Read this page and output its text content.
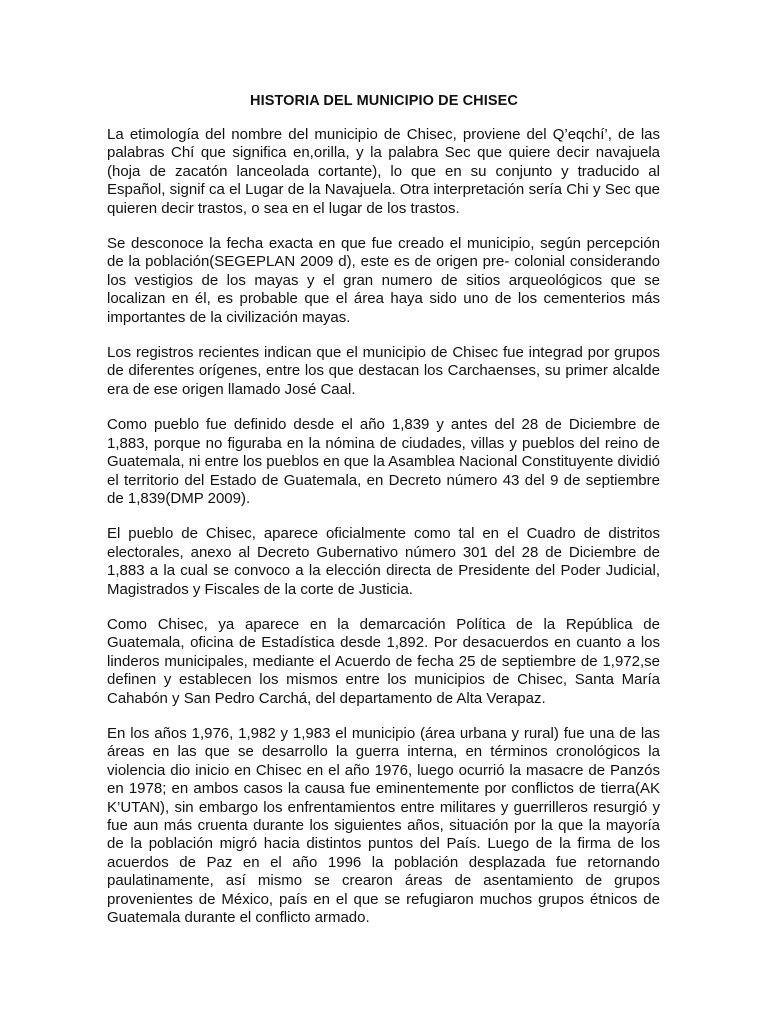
HISTORIA DEL MUNICIPIO DE CHISEC

La etimología del nombre del municipio de Chisec, proviene del Q’eqchí’, de las palabras Chí que significa en,orilla, y la palabra Sec que quiere decir navajuela (hoja de zacatón lanceolada cortante), lo que en su conjunto y traducido al Español, signif ca el Lugar de la Navajuela. Otra interpretación sería Chi y Sec que quieren decir trastos, o sea en el lugar de los trastos.

Se desconoce la fecha exacta en que fue creado el municipio, según percepción de la población(SEGEPLAN 2009 d), este es de origen pre- colonial considerando los vestigios de los mayas y el gran numero de sitios arqueológicos que se localizan en él, es probable que el área haya sido uno de los cementerios más importantes de la civilización mayas.

Los registros recientes indican que el municipio de Chisec fue integrad por grupos de diferentes orígenes, entre los que destacan los Carchaenses, su primer alcalde era de ese origen llamado José Caal.

Como pueblo fue definido desde el año 1,839 y antes del 28 de Diciembre de 1,883, porque no figuraba en la nómina de ciudades, villas y pueblos del reino de Guatemala, ni entre los pueblos en que la Asamblea Nacional Constituyente dividió el territorio del Estado de Guatemala, en Decreto número 43 del 9 de septiembre de 1,839(DMP 2009).

El pueblo de Chisec, aparece oficialmente como tal en el Cuadro de distritos electorales, anexo al Decreto Gubernativo número 301 del 28 de Diciembre de 1,883 a la cual se convoco a la elección directa de Presidente del Poder Judicial, Magistrados y Fiscales de la corte de Justicia.

Como Chisec, ya aparece en la demarcación Política de la República de Guatemala, oficina de Estadística desde 1,892. Por desacuerdos en cuanto a los linderos municipales, mediante el Acuerdo de fecha 25 de septiembre de 1,972,se definen y establecen los mismos entre los municipios de Chisec, Santa María Cahabón y San Pedro Carchá, del departamento de Alta Verapaz.

En los años 1,976, 1,982 y 1,983 el municipio (área urbana y rural) fue una de las áreas en las que se desarrollo la guerra interna, en términos cronológicos la violencia dio inicio en Chisec en el año 1976, luego ocurrió la masacre de Panzós en 1978; en ambos casos la causa fue eminentemente por conflictos de tierra(AK K’UTAN), sin embargo los enfrentamientos entre militares y guerrilleros resurgió y fue aun más cruenta durante los siguientes años, situación por la que la mayoría de la población migró hacia distintos puntos del País. Luego de la firma de los acuerdos de Paz en el año 1996 la población desplazada fue retornando paulatinamente, así mismo se crearon áreas de asentamiento de grupos provenientes de México, país en el que se refugiaron muchos grupos étnicos de Guatemala durante el conflicto armado.
